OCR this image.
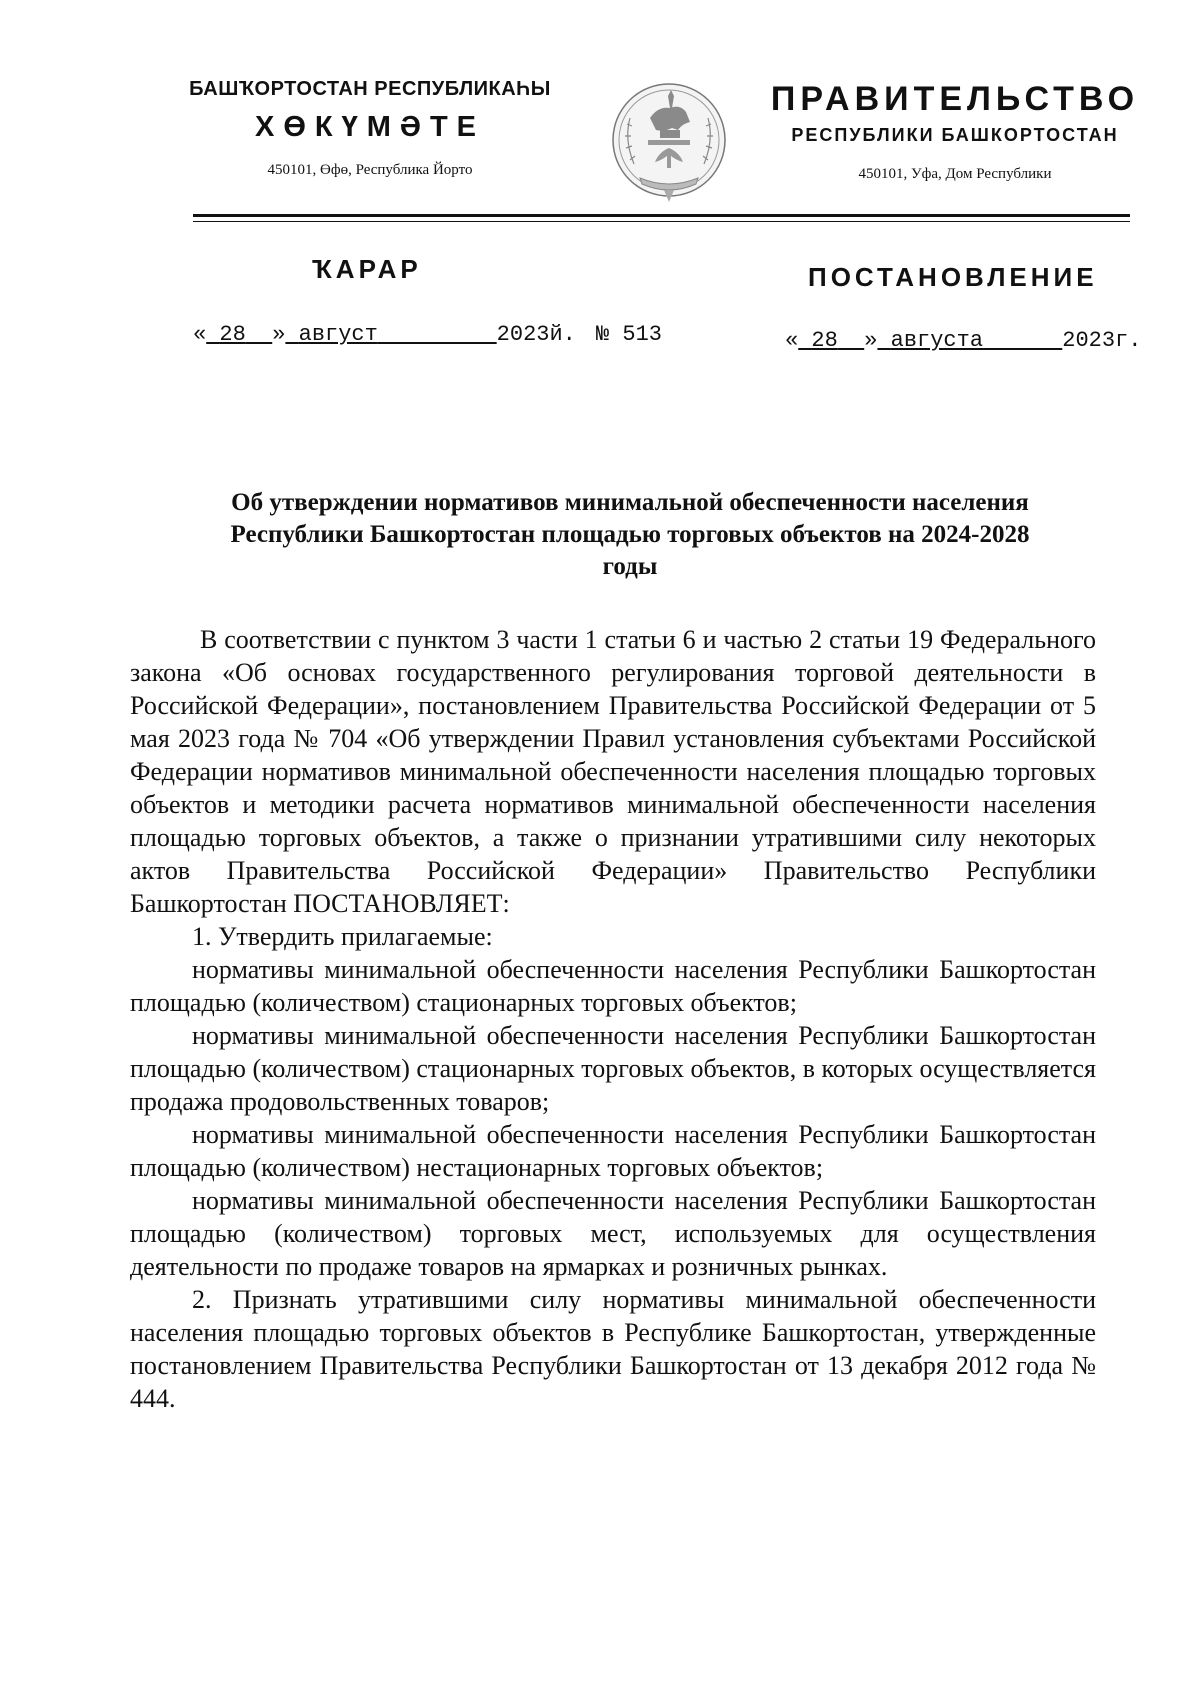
БАШҠОРТОСТАН РЕСПУБЛИКАҺЫ
ХӨКҮМӘТЕ
450101, Өфө, Республика Йорто
ПРАВИТЕЛЬСТВО
РЕСПУБЛИКИ БАШКОРТОСТАН
450101, Уфа, Дом Республики
ҠАРАР	ПОСТАНОВЛЕНИЕ
« 28 » август	2023й. № 513	« 28 » августа	2023г.
Об утверждении нормативов минимальной обеспеченности населения Республики Башкортостан площадью торговых объектов на 2024-2028 годы

В соответствии с пунктом 3 части 1 статьи 6 и частью 2 статьи 19 Федерального закона «Об основах государственного регулирования торговой деятельности в Российской Федерации», постановлением Правительства Российской Федерации от 5 мая 2023 года № 704 «Об утверждении Правил установления субъектами Российской Федерации нормативов минимальной обеспеченности населения площадью торговых объектов и методики расчета нормативов минимальной обеспеченности населения площадью торговых объектов, а также о признании утратившими силу некоторых актов Правительства Российской Федерации» Правительство Республики Башкортостан ПОСТАНОВЛЯЕТ:

1. Утвердить прилагаемые:

нормативы минимальной обеспеченности населения Республики Башкортостан площадью (количеством) стационарных торговых объектов;

нормативы минимальной обеспеченности населения Республики Башкортостан площадью (количеством) стационарных торговых объектов, в которых осуществляется продажа продовольственных товаров;

нормативы минимальной обеспеченности населения Республики Башкортостан площадью (количеством) нестационарных торговых объектов;

нормативы минимальной обеспеченности населения Республики Башкортостан площадью (количеством) торговых мест, используемых для осуществления деятельности по продаже товаров на ярмарках и розничных рынках.

2. Признать утратившими силу нормативы минимальной обеспеченности населения площадью торговых объектов в Республике Башкортостан, утвержденные постановлением Правительства Республики Башкортостан от 13 декабря 2012 года № 444.
